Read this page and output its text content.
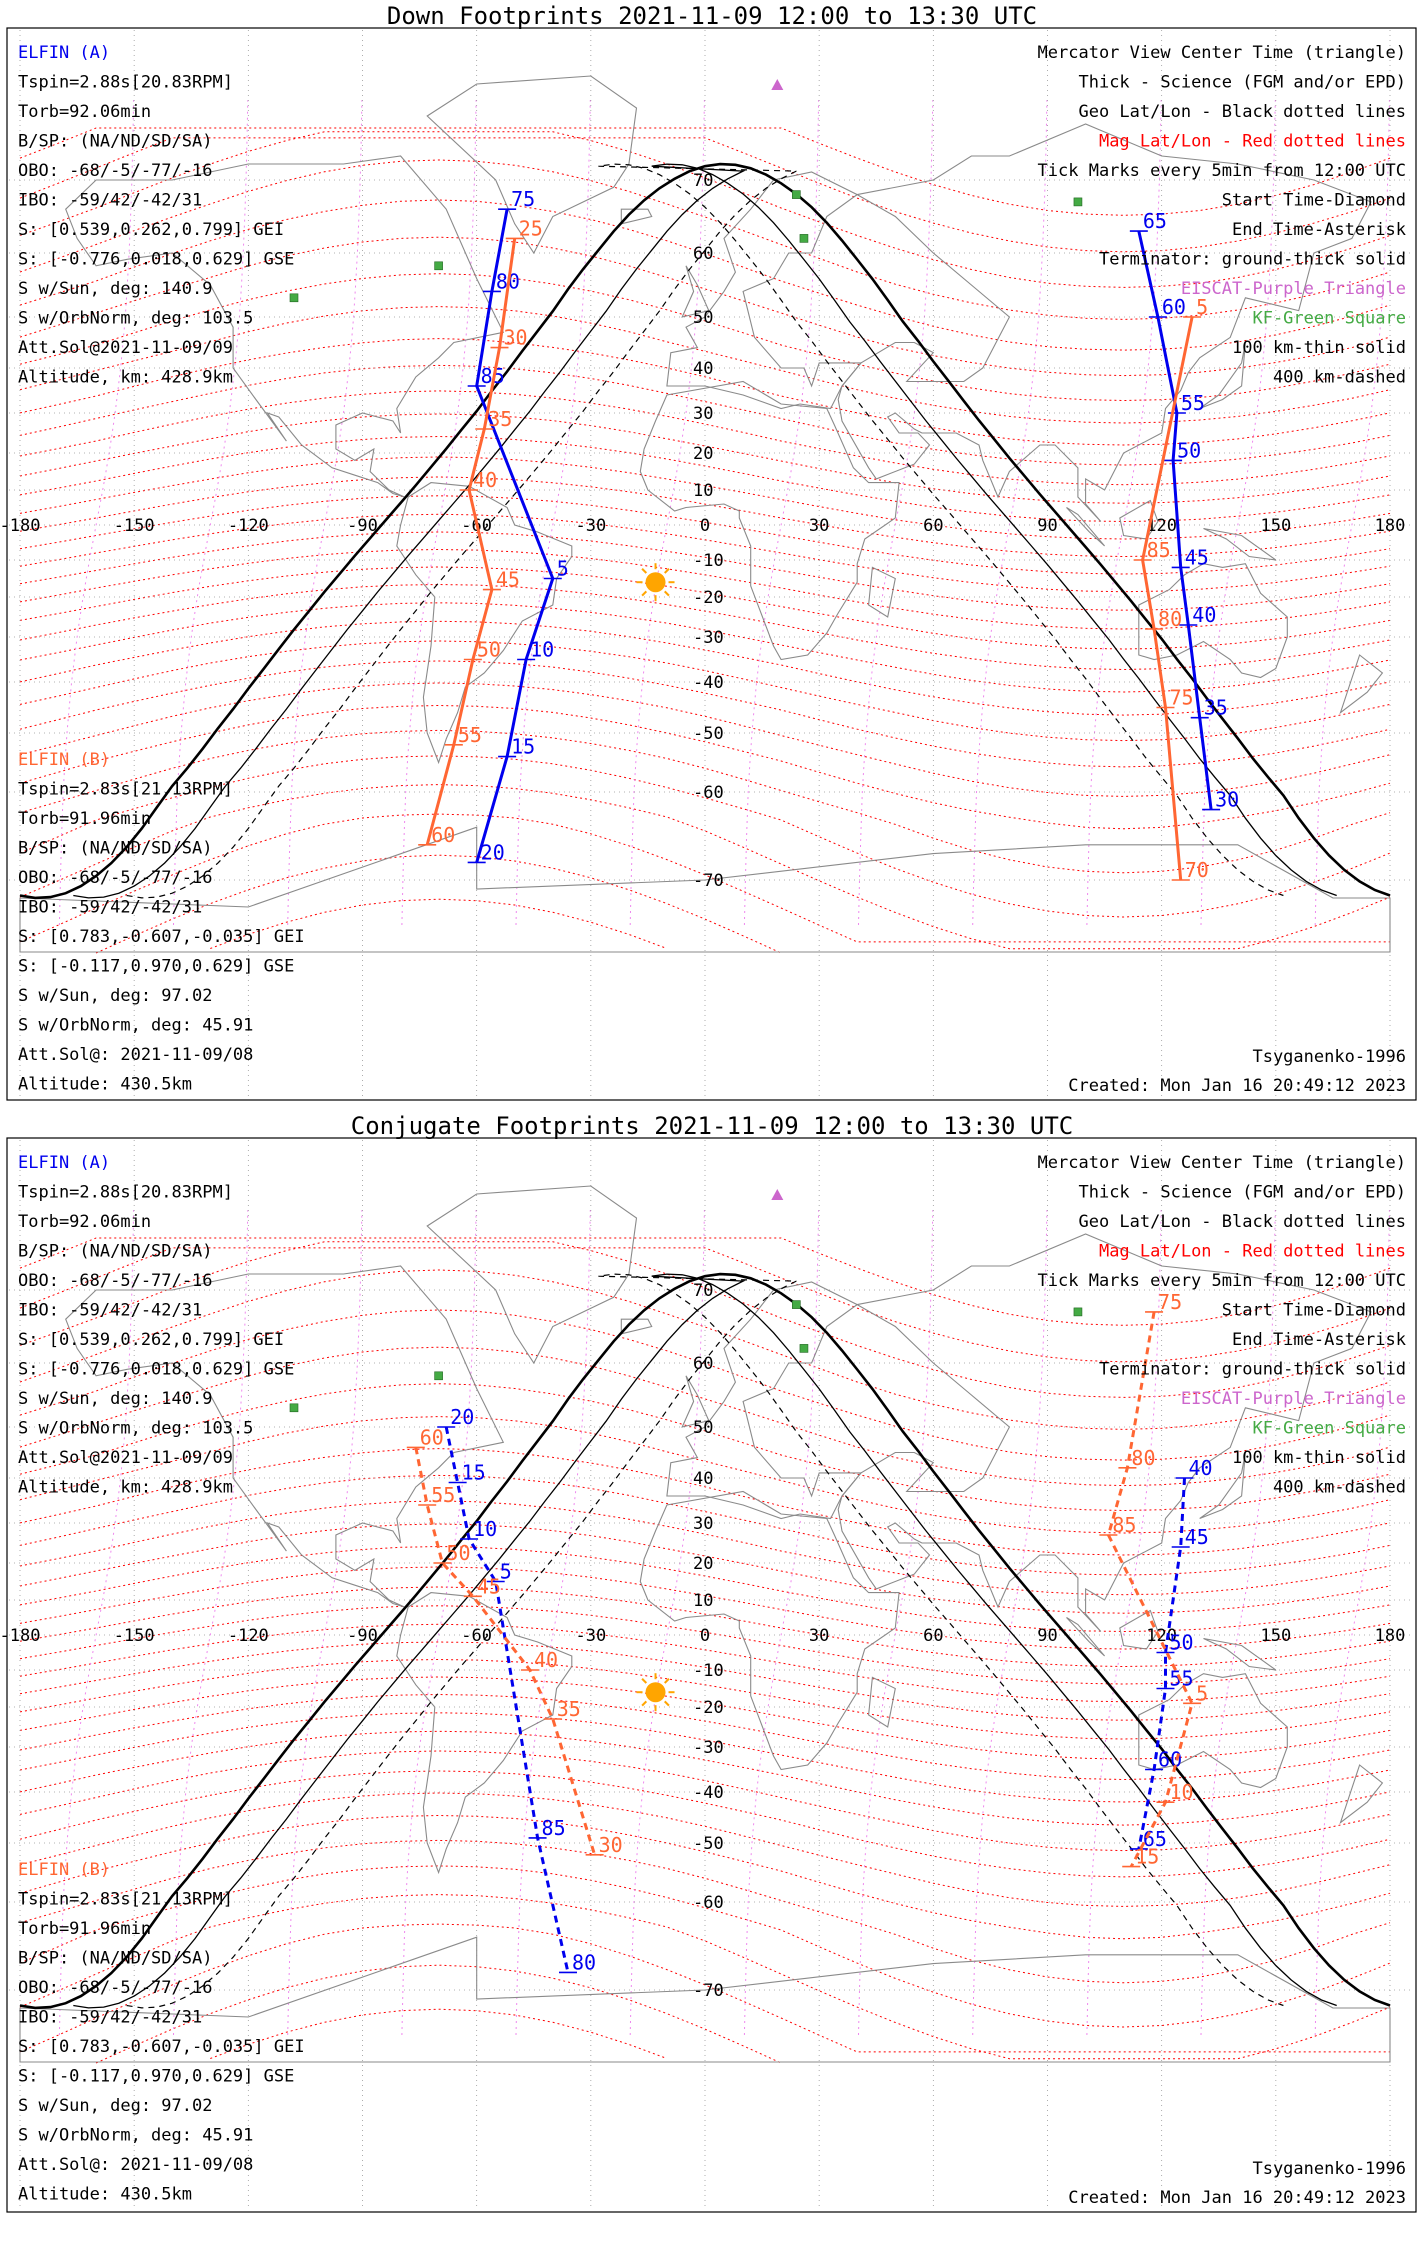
Down Footprints 2021-11-09 12:00 to 13:30 UTC
-180	-150	-120	-90	-60	-30	0	30	60	90	120	150	180
70
60
50
40
30
20
10
-10
-20
-30
-40
-50
-60
-70
5
10
15
20
75
80
85
30
35
40
45
50
55
60
65
25
30
35
40
45
50
55
60
5
70
75
80
85
Mercator View Center Time (triangle)
Thick - Science (FGM and/or EPD)
Geo Lat/Lon - Black dotted lines
Mag Lat/Lon - Red dotted lines
Tick Marks every 5min from 12:00 UTC
Start Time-Diamond
End Time-Asterisk
Terminator: ground-thick solid
EISCAT-Purple Triangle
KF-Green Square
100 km-thin solid
400 km-dashed
ELFIN (A)
Tspin=2.88s[20.83RPM]
Torb=92.06min
B/SP: (NA/ND/SD/SA)
OBO: -68/-5/-77/-16
IBO: -59/42/-42/31
S: [0.539,0.262,0.799] GEI
S: [-0.776,0.018,0.629] GSE
S w/Sun, deg: 140.9
S w/OrbNorm, deg: 103.5
Att.Sol@2021-11-09/09
Altitude, km: 428.9km
ELFIN (B)
Tspin=2.83s[21.13RPM]
Torb=91.96min
B/SP: (NA/ND/SD/SA)
OBO: -68/-5/-77/-16
IBO: -59/42/-42/31
S: [0.783,-0.607,-0.035] GEI
S: [-0.117,0.970,0.629] GSE
S w/Sun, deg: 97.02
S w/OrbNorm, deg: 45.91
Att.Sol@: 2021-11-09/08
Altitude: 430.5km
Tsyganenko-1996
Created: Mon Jan 16 20:49:12 2023
Conjugate Footprints 2021-11-09 12:00 to 13:30 UTC
-180	-150	-120	-90	-60	-30	0	30	60	90	120	150	180
70
60
50
40
30
20
10
-10
-20
-30
-40
-50
-60
-70
5
10
15
20
80
85
40
45
50
55
60
65
30
35
40
45
50
55
60
5
10
15
75
80
85
Mercator View Center Time (triangle)
Thick - Science (FGM and/or EPD)
Geo Lat/Lon - Black dotted lines
Mag Lat/Lon - Red dotted lines
Tick Marks every 5min from 12:00 UTC
Start Time-Diamond
End Time-Asterisk
Terminator: ground-thick solid
EISCAT-Purple Triangle
KF-Green Square
100 km-thin solid
400 km-dashed
ELFIN (A)
Tspin=2.88s[20.83RPM]
Torb=92.06min
B/SP: (NA/ND/SD/SA)
OBO: -68/-5/-77/-16
IBO: -59/42/-42/31
S: [0.539,0.262,0.799] GEI
S: [-0.776,0.018,0.629] GSE
S w/Sun, deg: 140.9
S w/OrbNorm, deg: 103.5
Att.Sol@2021-11-09/09
Altitude, km: 428.9km
ELFIN (B)
Tspin=2.83s[21.13RPM]
Torb=91.96min
B/SP: (NA/ND/SD/SA)
OBO: -68/-5/-77/-16
IBO: -59/42/-42/31
S: [0.783,-0.607,-0.035] GEI
S: [-0.117,0.970,0.629] GSE
S w/Sun, deg: 97.02
S w/OrbNorm, deg: 45.91
Att.Sol@: 2021-11-09/08
Altitude: 430.5km
Tsyganenko-1996
Created: Mon Jan 16 20:49:12 2023
